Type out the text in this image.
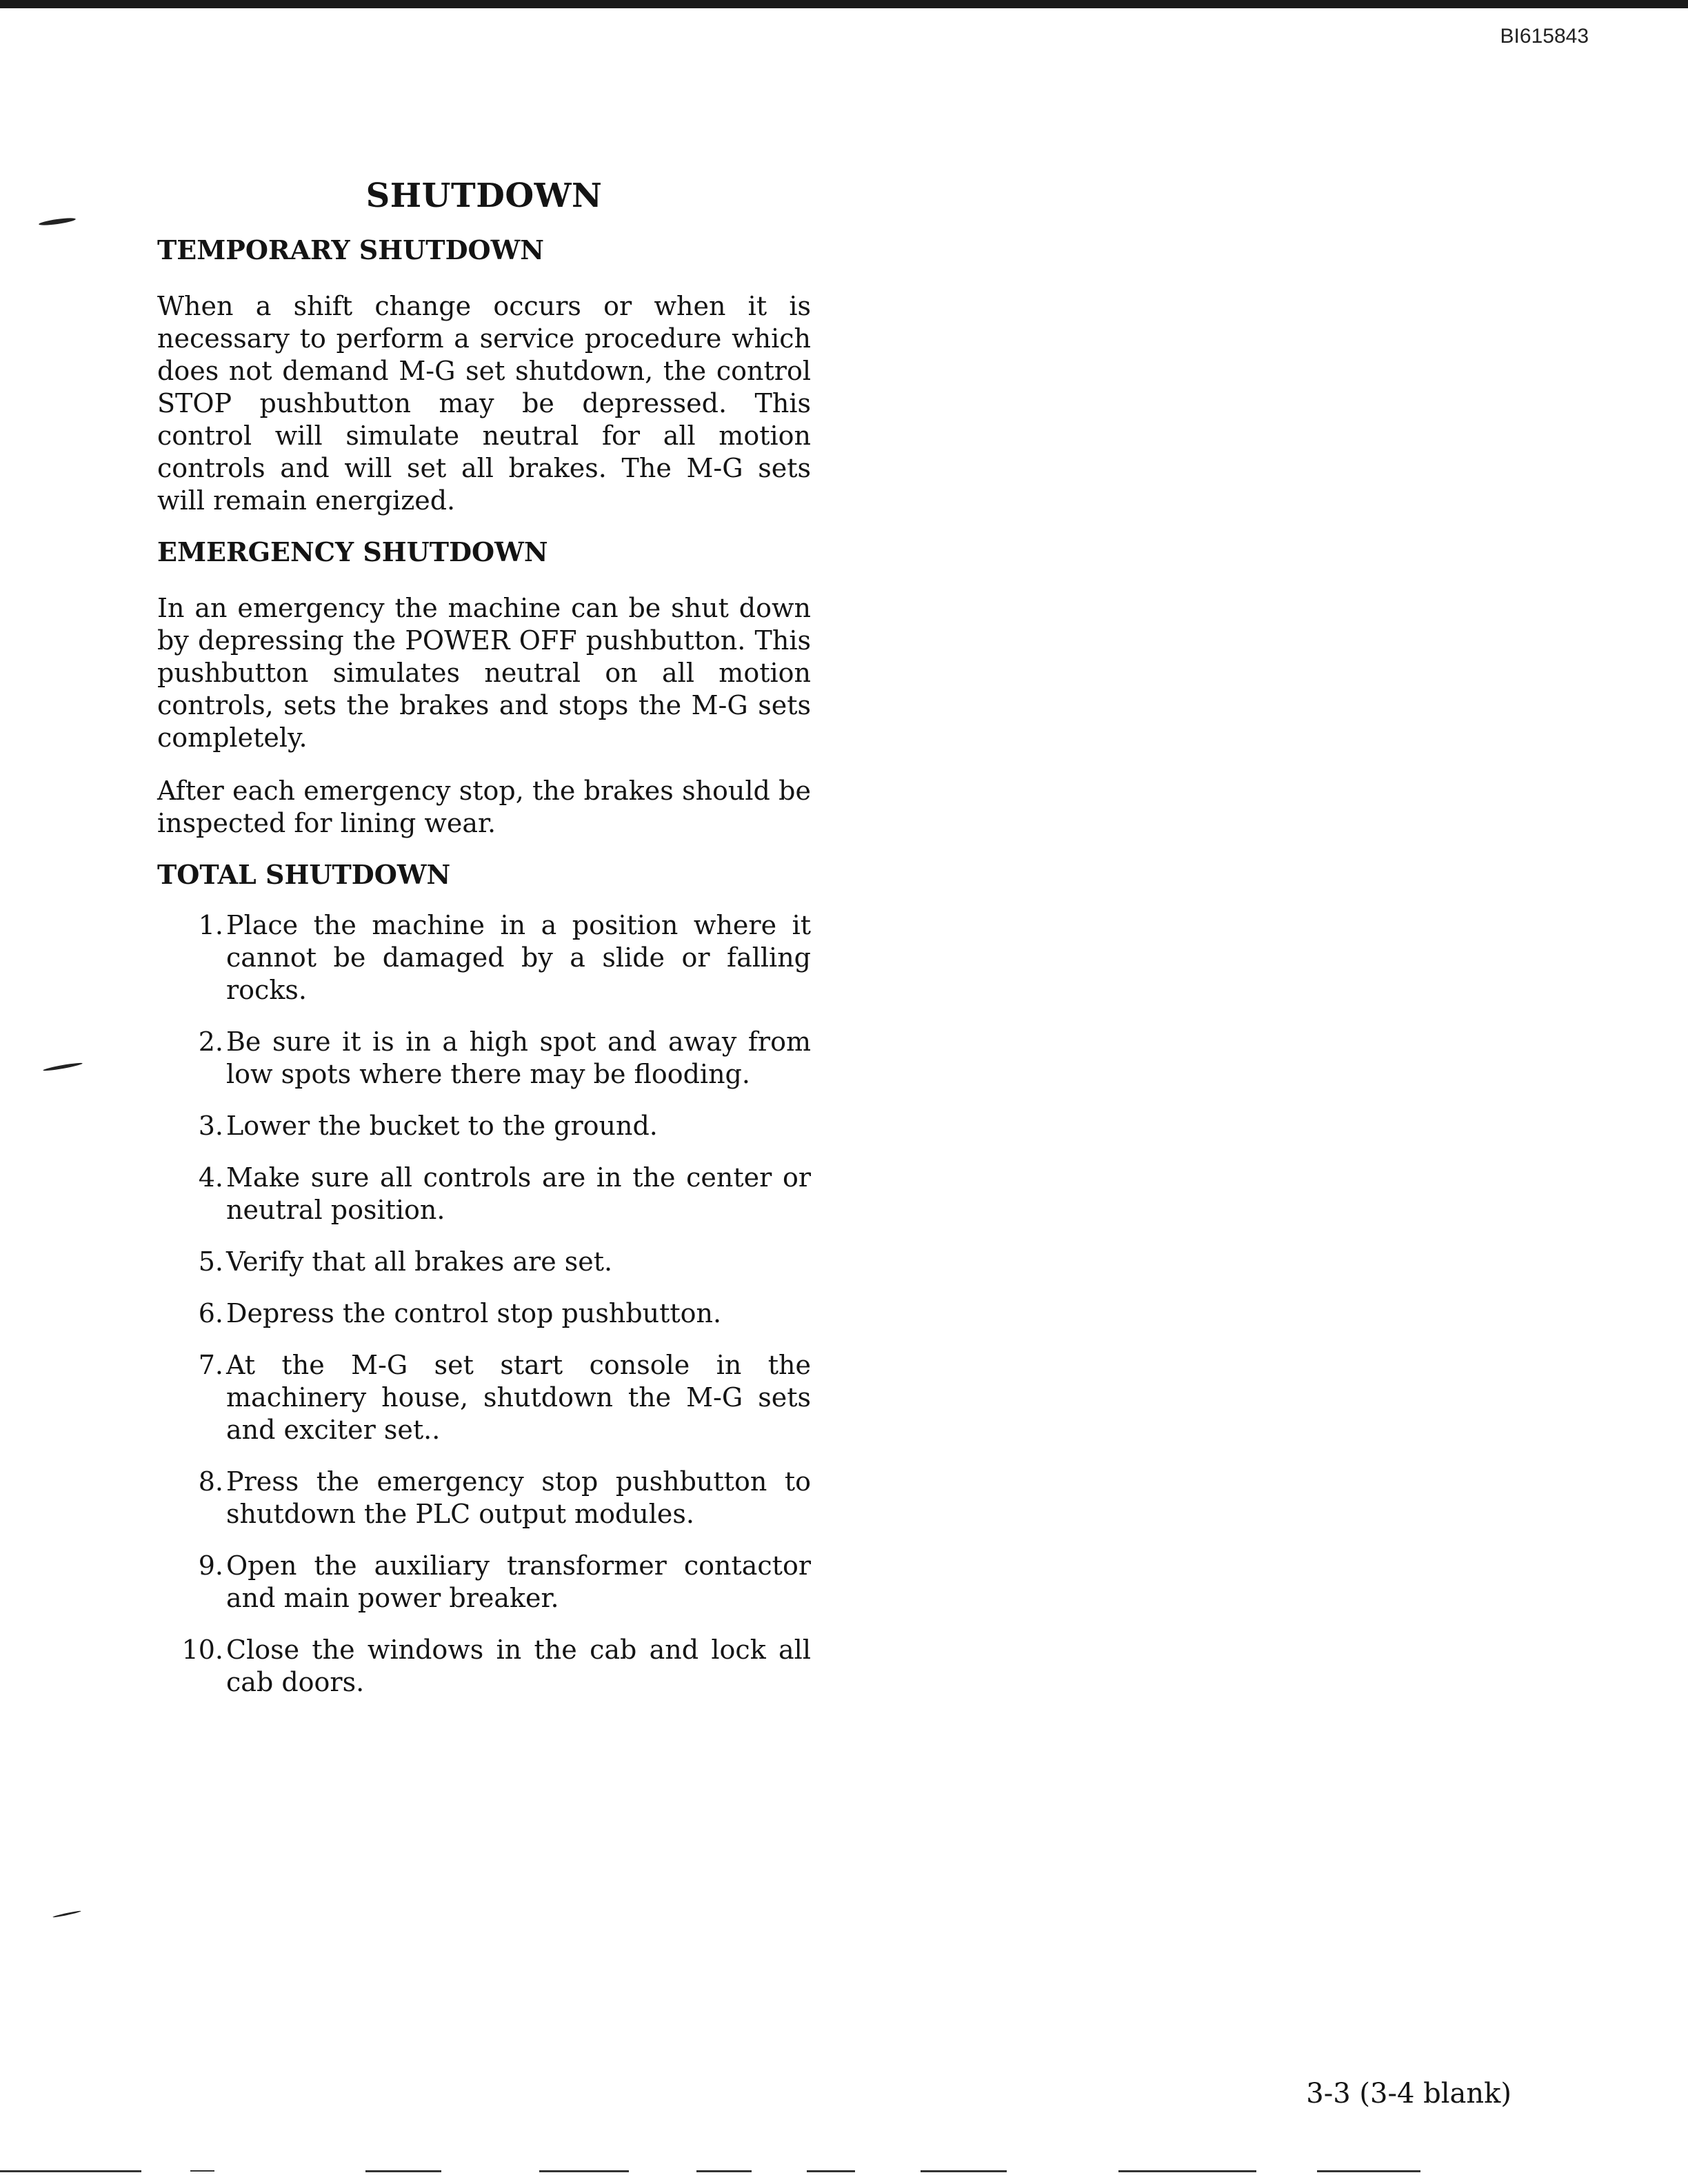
BI615843
SHUTDOWN
TEMPORARY SHUTDOWN

When a shift change occurs or when it is necessary to perform a service procedure which does not demand M-G set shutdown, the control STOP pushbutton may be depressed. This control will simulate neutral for all motion controls and will set all brakes. The M-G sets will remain energized.

EMERGENCY SHUTDOWN

In an emergency the machine can be shut down by depressing the POWER OFF pushbutton. This pushbutton simulates neutral on all motion controls, sets the brakes and stops the M-G sets completely.

After each emergency stop, the brakes should be inspected for lining wear.

TOTAL SHUTDOWN
1. Place the machine in a position where it cannot be damaged by a slide or falling rocks.
2. Be sure it is in a high spot and away from low spots where there may be flooding.
3. Lower the bucket to the ground.
4. Make sure all controls are in the center or neutral position.
5. Verify that all brakes are set.
6. Depress the control stop pushbutton.
7. At the M-G set start console in the machinery house, shutdown the M-G sets and exciter set..
8. Press the emergency stop pushbutton to shutdown the PLC output modules.
9. Open the auxiliary transformer contactor and main power breaker.
10. Close the windows in the cab and lock all cab doors.
3-3 (3-4 blank)
